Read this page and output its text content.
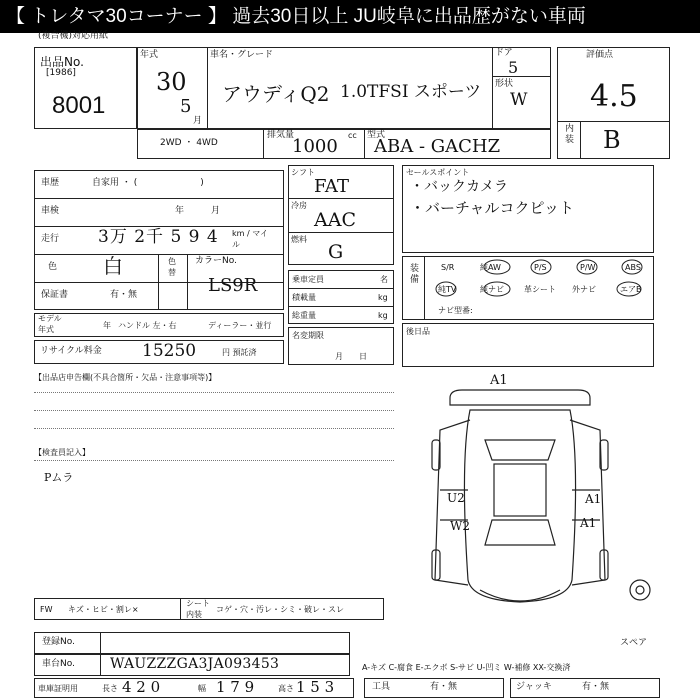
【 トレタマ30コーナー 】 過去30日以上 JU岐阜に出品歴がない車両
(複合機)対応用紙
出品No.
[1986]
8001
年式
30
5
月
車名・グレード
アウディQ2 1.0TFSI スポーツ
ドア
5
形状
W
評価点
4.5
内装 B
2WD ・ 4WD
排気量	cc
1000
型式
ABA - GACHZ
車歴	自家用 ・ (　　　　　　　)
車検	年　　　月
走行 3万 2千 5 9 4 km / マイル
色 白	色替
カラーNo.
LS9R
保証書	有・無
モデル年式	年 ハンドル 左・右	ディーラー・並行
リサイクル料金 15250	円 預託済
シフト
FAT
冷房
AAC
燃料
G
乗車定員	名
積載量	kg
総重量	kg
名変期限
月　　日
セールスポイント
・バックカメラ
・バーチャルコクピット
装備
S/R	純AW	P/S	P/W	ABS
純TV	純ナビ	革シート 外ナビ	エアB
ナビ型番:
後日品
【出品店申告欄(不具合箇所・欠品・注意事項等)】
【検査員記入】
Pムラ
A1
U2
W2
A1
A1
スペア
FW キズ・ヒビ・割レ×
シート内装
コゲ・穴・汚レ・シミ・破レ・スレ
登録No.
車台No.	WAUZZZGA3JA093453	A-キズ C-腐食 E-エクボ S-サビ U-凹ミ W-補修 XX-交換済
車庫証明用	長さ 4 2 0	幅 1 7 9	高さ 1 5 3	工具	有・無	ジャッキ	有・無
